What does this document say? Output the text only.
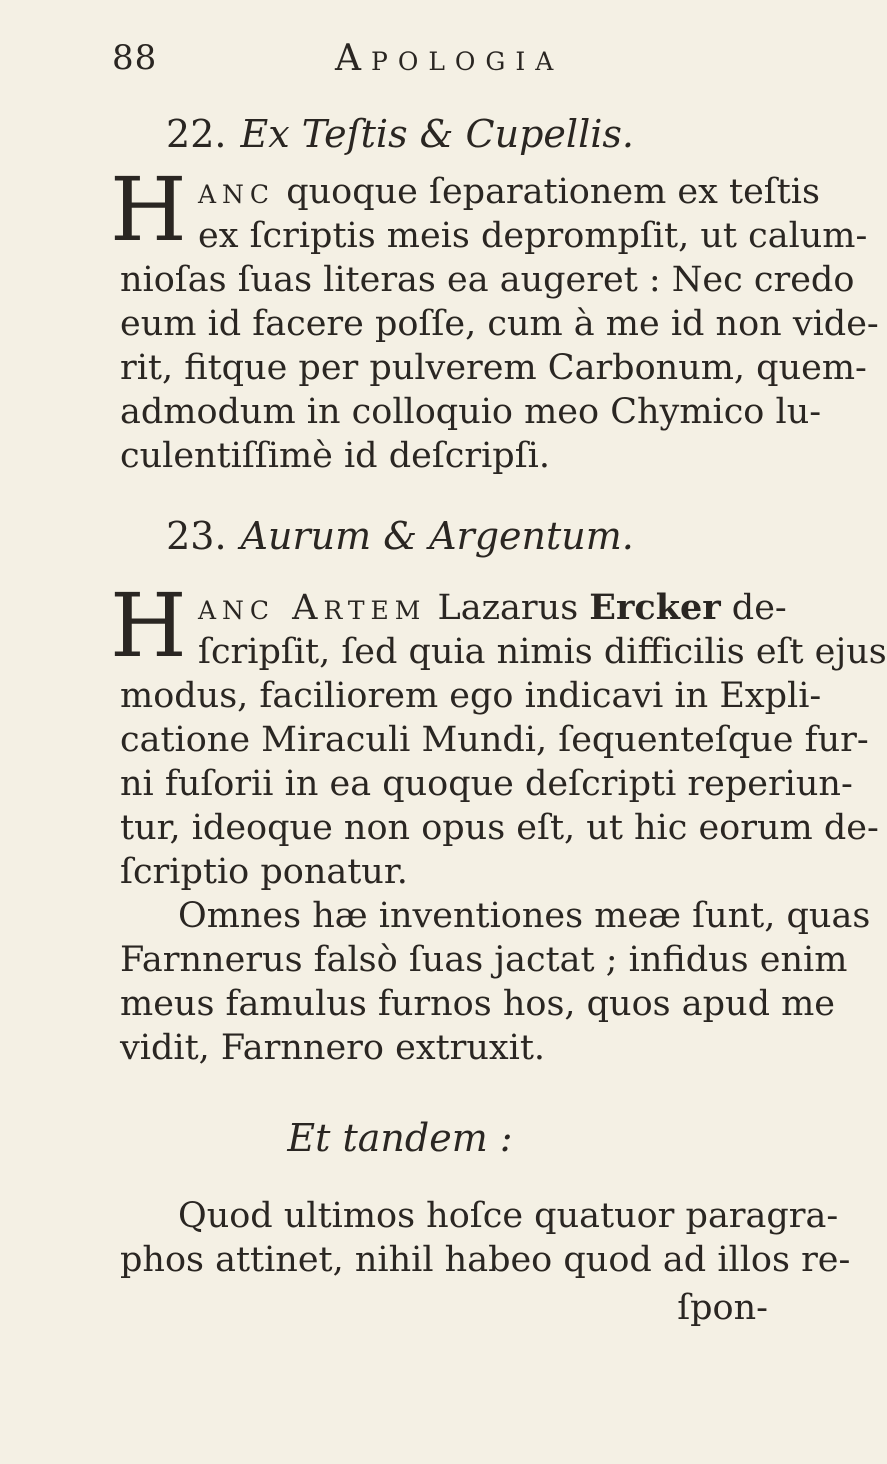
88	Apologia
22. Ex Teſtis & Cupellis.
H anc quoque ſeparationem ex teſtis
ex ſcriptis meis deprompſit, ut calum-
nioſas ſuas literas ea augeret : Nec credo
eum id facere poſſe, cum à me id non vide-
rit, fitque per pulverem Carbonum, quem-
admodum in colloquio meo Chymico lu-
culentiſſimè id deſcripſi.
23. Aurum & Argentum.
H anc Artem Lazarus Ercker de-
ſcripſit, ſed quia nimis difficilis eſt ejus
modus, faciliorem ego indicavi in Expli-
catione Miraculi Mundi, ſequenteſque fur-
ni fuſorii in ea quoque deſcripti reperiun-
tur, ideoque non opus eſt, ut hic eorum de-
ſcriptio ponatur.
Omnes hæ inventiones meæ ſunt, quas
Farnnerus falsò ſuas jactat ; infidus enim
meus famulus furnos hos, quos apud me
vidit, Farnnero extruxit.
Et tandem :
Quod ultimos hoſce quatuor paragra-
phos attinet, nihil habeo quod ad illos re-
ſpon-
